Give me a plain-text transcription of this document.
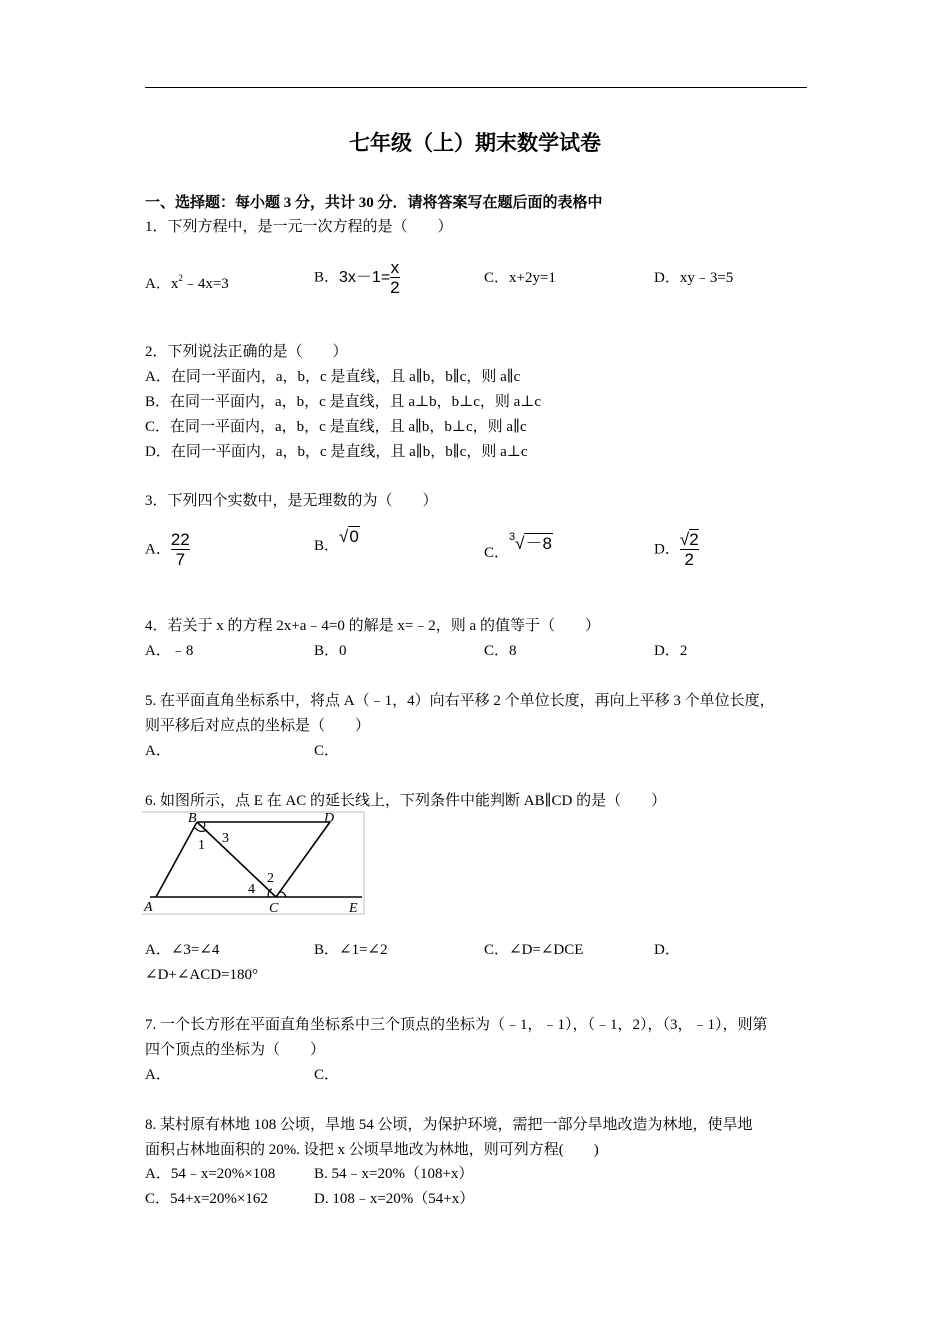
七年级（上）期末数学试卷
一、选择题：每小题 3 分，共计 30 分．请将答案写在题后面的表格中
1．下列方程中，是一元一次方程的是（　　）
A．$x^2﹣4x=3$	B．$3x-1= \frac{x}{2}$	C．x+2y=1	D．xy﹣3=5
2．下列说法正确的是（　　）
A．在同一平面内，a，b，c 是直线，且 a∥b，b∥c，则 a∥c
B．在同一平面内，a，b，c 是直线，且 a⊥b，b⊥c，则 a⊥c
C．在同一平面内，a，b，c 是直线，且 a∥b，b⊥c，则 a∥c
D．在同一平面内，a，b，c 是直线，且 a∥b，b∥c，则 a⊥c
3．下列四个实数中，是无理数的为（　　）
A． $\frac{22}{7}$	B．√0
C．$^3$√－8	D． $\frac{√2}{2}$
4．若关于 x 的方程 2x+a﹣4=0 的解是 x=﹣2，则 a 的值等于（　　）
A．﹣8	B．0	C．8	D．2
5. 在平面直角坐标系中，将点 A（﹣1，4）向右平移 2 个单位长度，再向上平移 3 个单位长度，
则平移后对应点的坐标是（　　）
A．	C．
6. 如图所示，点 E 在 AC 的延长线上，下列条件中能判断 AB∥CD 的是（　　）
B	D
A	C	E
1 3
4
2
A．∠3=∠4	B．∠1=∠2	C．∠D=∠DCE	D．
∠D+∠ACD=180°
7. 一个长方形在平面直角坐标系中三个顶点的坐标为（﹣1，﹣1），（﹣1，2），（3，﹣1），则第
四个顶点的坐标为（　　）
A．	C．
8. 某村原有林地 108 公顷，旱地 54 公顷，为保护环境，需把一部分旱地改造为林地，使旱地
面积占林地面积的 20%. 设把 x 公顷旱地改为林地，则可列方程(　　)
A．54﹣x=20%×108	B. 54﹣x=20%（108+x）
C．54+x=20%×162	D. 108﹣x=20%（54+x）
